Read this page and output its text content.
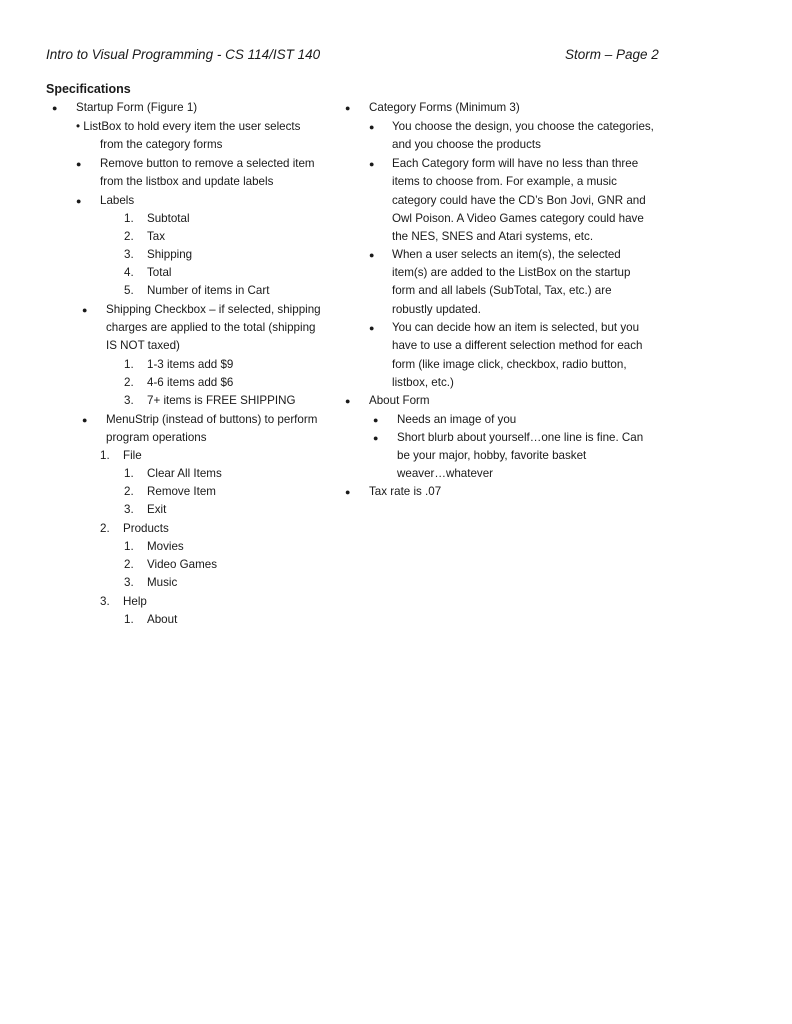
Intro to Visual Programming - CS 114/IST 140	Storm – Page 2
Specifications
● Startup Form (Figure 1)
• ListBox to hold every item the user selects
from the category forms
● Remove button to remove a selected item
from the listbox and update labels
● Labels
1. Subtotal
2. Tax
3. Shipping
4. Total
5. Number of items in Cart
● Shipping Checkbox – if selected, shipping
charges are applied to the total (shipping
IS NOT taxed)
1. 1-3 items add $9
2. 4-6 items add $6
3. 7+ items is FREE SHIPPING
● MenuStrip (instead of buttons) to perform
program operations
1. File
1. Clear All Items
2. Remove Item
3. Exit
2. Products
1. Movies
2. Video Games
3. Music
3. Help
1. About
● Category Forms (Minimum 3)
● You choose the design, you choose the categories,
and you choose the products
● Each Category form will have no less than three
items to choose from. For example, a music
category could have the CD’s Bon Jovi, GNR and
Owl Poison. A Video Games category could have
the NES, SNES and Atari systems, etc.
● When a user selects an item(s), the selected
item(s) are added to the ListBox on the startup
form and all labels (SubTotal, Tax, etc.) are
robustly updated.
● You can decide how an item is selected, but you
have to use a different selection method for each
form (like image click, checkbox, radio button,
listbox, etc.)
● About Form
● Needs an image of you
● Short blurb about yourself…one line is fine. Can
be your major, hobby, favorite basket
weaver…whatever
● Tax rate is .07
